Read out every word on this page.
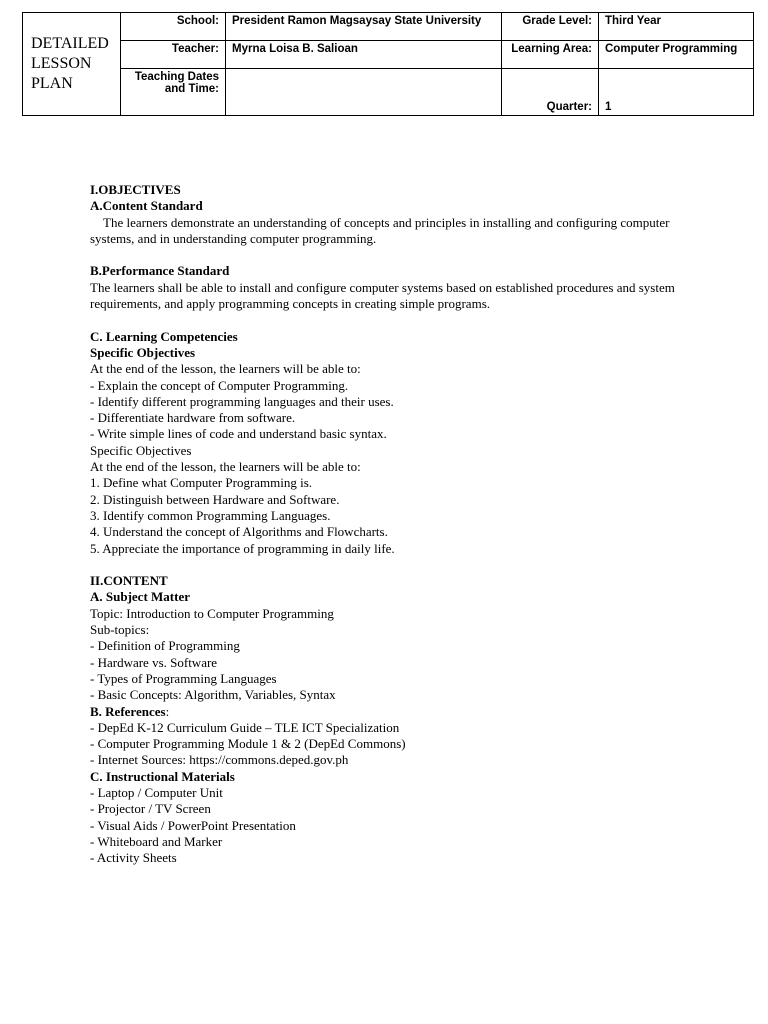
DETAILED
LESSON
PLAN	School:	President Ramon Magsaysay State University	Grade Level:	Third Year
	Teacher:	Myrna Loisa B. Salioan	Learning Area:	Computer Programming

	Teaching Dates
and Time:		Quarter:	1
I.OBJECTIVES
A.Content Standard

The learners demonstrate an understanding of concepts and principles in installing and configuring computer systems, and in understanding computer programming.

B.Performance Standard

The learners shall be able to install and configure computer systems based on established procedures and system requirements, and apply programming concepts in creating simple programs.

C. Learning Competencies
Specific Objectives
At the end of the lesson, the learners will be able to:
- Explain the concept of Computer Programming.
- Identify different programming languages and their uses.
- Differentiate hardware from software.
- Write simple lines of code and understand basic syntax.
Specific Objectives
At the end of the lesson, the learners will be able to:
1. Define what Computer Programming is.
2. Distinguish between Hardware and Software.
3. Identify common Programming Languages.
4. Understand the concept of Algorithms and Flowcharts.
5. Appreciate the importance of programming in daily life.
II.CONTENT
A. Subject Matter
Topic: Introduction to Computer Programming
Sub-topics:
- Definition of Programming
- Hardware vs. Software
- Types of Programming Languages
- Basic Concepts: Algorithm, Variables, Syntax
B. References:
- DepEd K-12 Curriculum Guide – TLE ICT Specialization
- Computer Programming Module 1 & 2 (DepEd Commons)
- Internet Sources: https://commons.deped.gov.ph
C. Instructional Materials
- Laptop / Computer Unit
- Projector / TV Screen
- Visual Aids / PowerPoint Presentation
- Whiteboard and Marker
- Activity Sheets
